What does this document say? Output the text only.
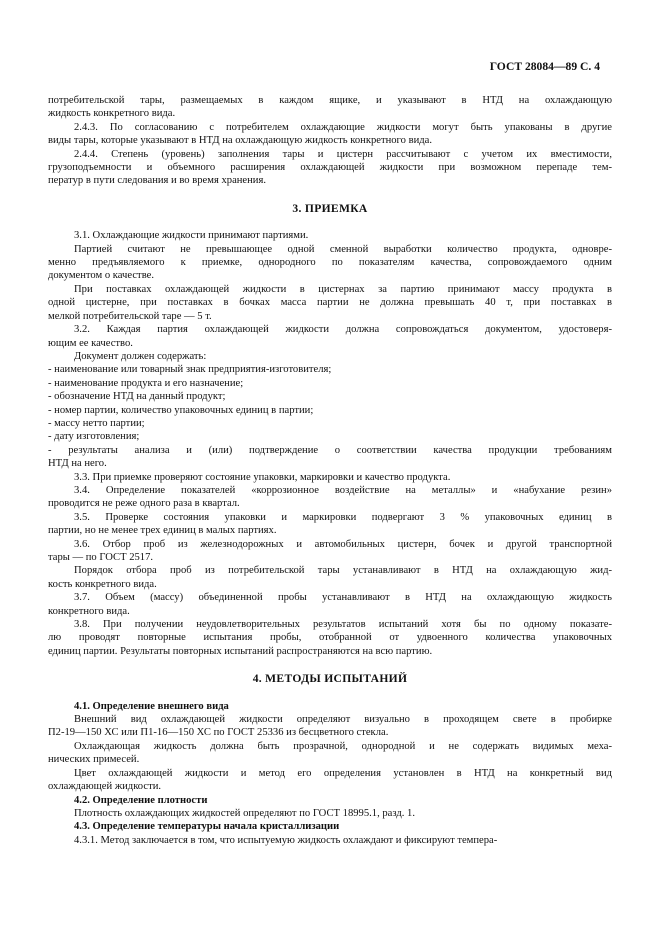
ГОСТ 28084—89 С. 4
потребительской тары, размещаемых в каждом ящике, и указывают в НТД на охлаждающую
жидкость конкретного вида.
2.4.3. По согласованию с потребителем охлаждающие жидкости могут быть упакованы в другие
виды тары, которые указывают в НТД на охлаждающую жидкость конкретного вида.
2.4.4. Степень (уровень) заполнения тары и цистерн рассчитывают с учетом их вместимости,
грузоподъемности и объемного расширения охлаждающей жидкости при возможном перепаде тем-
ператур в пути следования и во время хранения.
3. ПРИЕМКА
3.1. Охлаждающие жидкости принимают партиями.
Партией считают не превышающее одной сменной выработки количество продукта, одновре-
менно предъявляемого к приемке, однородного по показателям качества, сопровождаемого одним
документом о качестве.
При поставках охлаждающей жидкости в цистернах за партию принимают массу продукта в
одной цистерне, при поставках в бочках масса партии не должна превышать 40 т, при поставках в
мелкой потребительской таре — 5 т.
3.2. Каждая партия охлаждающей жидкости должна сопровождаться документом, удостоверя-
ющим ее качество.
Документ должен содержать:
- наименование или товарный знак предприятия-изготовителя;
- наименование продукта и его назначение;
- обозначение НТД на данный продукт;
- номер партии, количество упаковочных единиц в партии;
- массу нетто партии;
- дату изготовления;
- результаты анализа и (или) подтверждение о соответствии качества продукции требованиям
НТД на него.
3.3. При приемке проверяют состояние упаковки, маркировки и качество продукта.
3.4. Определение показателей «коррозионное воздействие на металлы» и «набухание резин»
проводится не реже одного раза в квартал.
3.5. Проверке состояния упаковки и маркировки подвергают 3 % упаковочных единиц в
партии, но не менее трех единиц в малых партиях.
3.6. Отбор проб из железнодорожных и автомобильных цистерн, бочек и другой транспортной
тары — по ГОСТ 2517.
Порядок отбора проб из потребительской тары устанавливают в НТД на охлаждающую жид-
кость конкретного вида.
3.7. Объем (массу) объединенной пробы устанавливают в НТД на охлаждающую жидкость
конкретного вида.
3.8. При получении неудовлетворительных результатов испытаний хотя бы по одному показате-
лю проводят повторные испытания пробы, отобранной от удвоенного количества упаковочных
единиц партии. Результаты повторных испытаний распространяются на всю партию.
4. МЕТОДЫ ИСПЫТАНИЙ
4.1. Определение внешнего вида
Внешний вид охлаждающей жидкости определяют визуально в проходящем свете в пробирке
П2-19—150 ХС или П1-16—150 ХС по ГОСТ 25336 из бесцветного стекла.
Охлаждающая жидкость должна быть прозрачной, однородной и не содержать видимых меха-
нических примесей.
Цвет охлаждающей жидкости и метод его определения установлен в НТД на конкретный вид
охлаждающей жидкости.
4.2. Определение плотности
Плотность охлаждающих жидкостей определяют по ГОСТ 18995.1, разд. 1.
4.3. Определение температуры начала кристаллизации
4.3.1. Метод заключается в том, что испытуемую жидкость охлаждают и фиксируют темпера-
